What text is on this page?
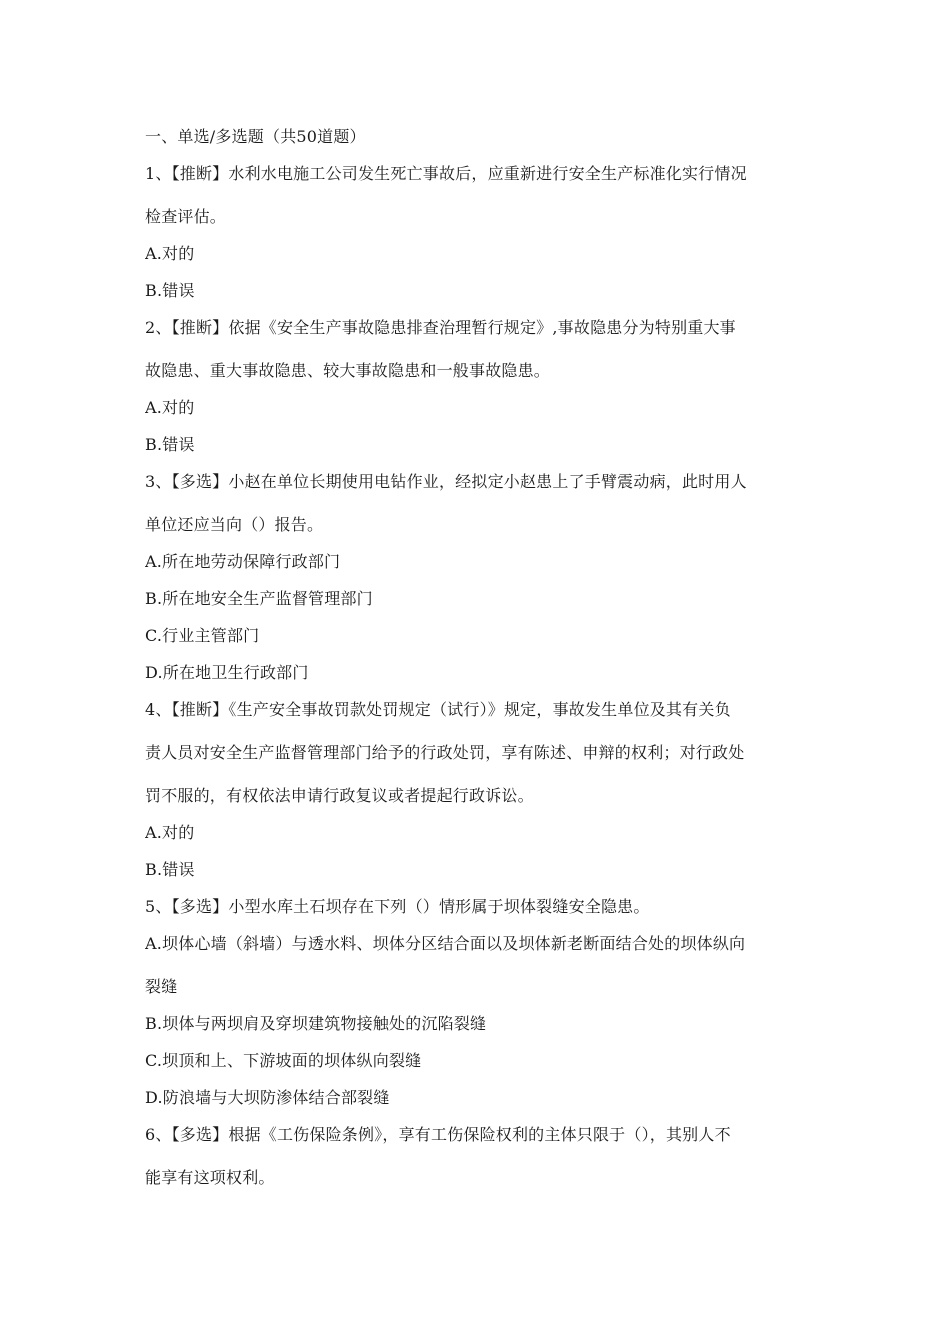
一、单选/多选题（共50道题）
1、【推断】水利水电施工公司发生死亡事故后，应重新进行安全生产标准化实行情况
检查评估。
A.对的
B.错误
2、【推断】依据《安全生产事故隐患排查治理暂行规定》,事故隐患分为特别重大事
故隐患、重大事故隐患、较大事故隐患和一般事故隐患。
A.对的
B.错误
3、【多选】小赵在单位长期使用电钻作业，经拟定小赵患上了手臂震动病，此时用人
单位还应当向（）报告。
A.所在地劳动保障行政部门
B.所在地安全生产监督管理部门
C.行业主管部门
D.所在地卫生行政部门
4、【推断】《生产安全事故罚款处罚规定（试行）》规定，事故发生单位及其有关负
责人员对安全生产监督管理部门给予的行政处罚，享有陈述、申辩的权利；对行政处
罚不服的，有权依法申请行政复议或者提起行政诉讼。
A.对的
B.错误
5、【多选】小型水库土石坝存在下列（）情形属于坝体裂缝安全隐患。
A.坝体心墙（斜墙）与透水料、坝体分区结合面以及坝体新老断面结合处的坝体纵向
裂缝
B.坝体与两坝肩及穿坝建筑物接触处的沉陷裂缝
C.坝顶和上、下游坡面的坝体纵向裂缝
D.防浪墙与大坝防渗体结合部裂缝
6、【多选】根据《工伤保险条例》，享有工伤保险权利的主体只限于（），其别人不
能享有这项权利。
